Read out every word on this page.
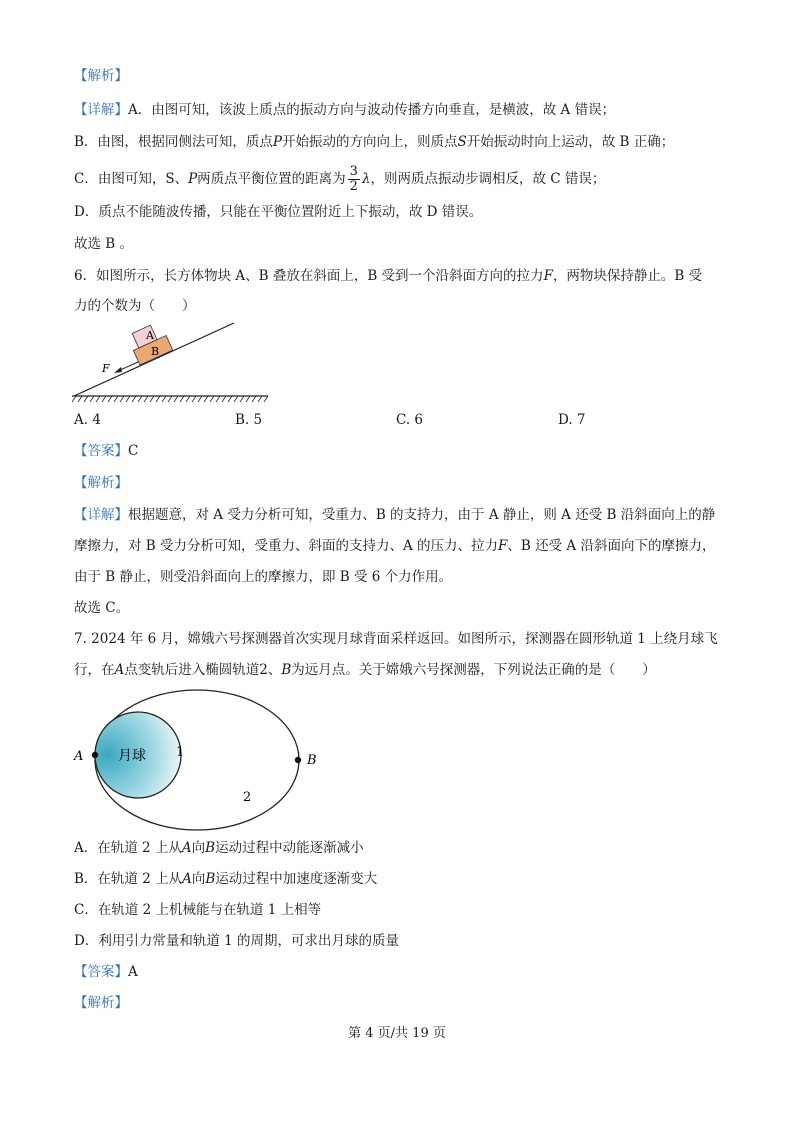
【解析】
【详解】A．由图可知，该波上质点的振动方向与波动传播方向垂直，是横波，故 A 错误；
B．由图，根据同侧法可知，质点P开始振动的方向向上，则质点S开始振动时向上运动，故 B 正确；
C．由图可知，S、P两质点平衡位置的距离为 $\frac{3}{2}$ λ，则两质点振动步调相反，故 C 错误；
D．质点不能随波传播，只能在平衡位置附近上下振动，故 D 错误。
故选 B 。
6．如图所示，长方体物块 A、B 叠放在斜面上，B 受到一个沿斜面方向的拉力F，两物块保持静止。B 受
力的个数为（　　）
B
A
F
A. 4	B. 5	C. 6	D. 7
【答案】C
【解析】
【详解】根据题意，对 A 受力分析可知，受重力、B 的支持力，由于 A 静止，则 A 还受 B 沿斜面向上的静
摩擦力，对 B 受力分析可知，受重力、斜面的支持力、A 的压力、拉力F、B 还受 A 沿斜面向下的摩擦力，
由于 B 静止，则受沿斜面向上的摩擦力，即 B 受 6 个力作用。
故选 C。
7. 2024 年 6 月，嫦娥六号探测器首次实现月球背面采样返回。如图所示，探测器在圆形轨道 1 上绕月球飞
行，在A点变轨后进入椭圆轨道2、B为远月点。关于嫦娥六号探测器，下列说法正确的是（　　）
月球
A	B
1
2
A．在轨道 2 上从A向B运动过程中动能逐渐减小
B．在轨道 2 上从A向B运动过程中加速度逐渐变大
C．在轨道 2 上机械能与在轨道 1 上相等
D．利用引力常量和轨道 1 的周期，可求出月球的质量
【答案】A
【解析】
第 4 页/共 19 页
